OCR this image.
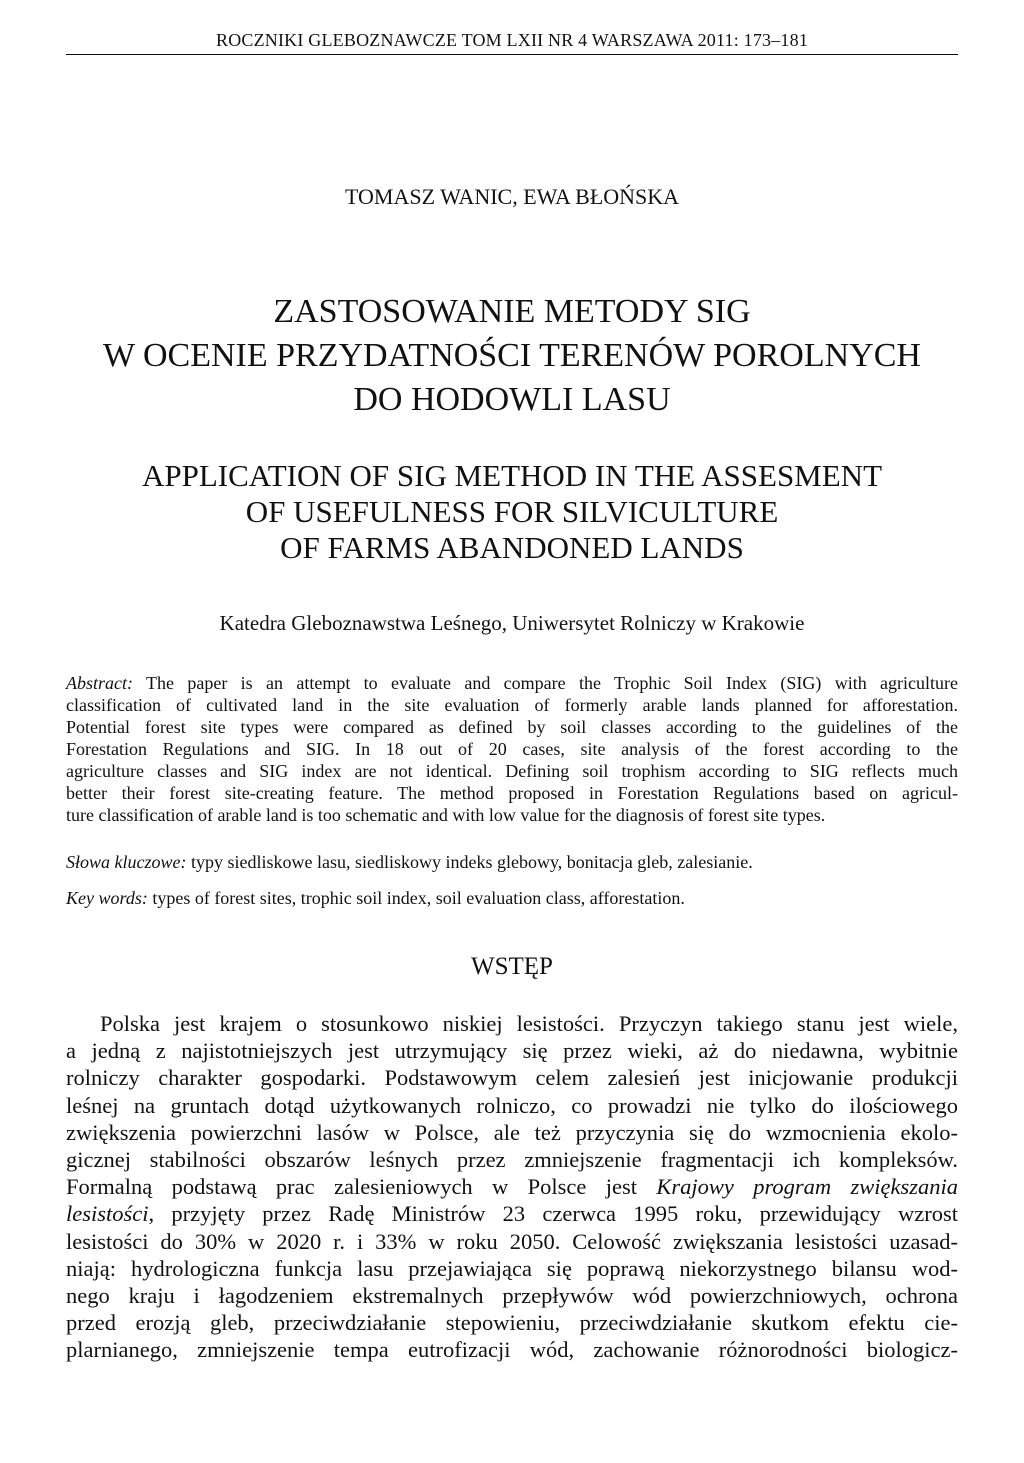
ROCZNIKI GLEBOZNAWCZE TOM LXII NR 4 WARSZAWA 2011: 173–181
TOMASZ WANIC, EWA BŁOŃSKA
ZASTOSOWANIE METODY SIG
W OCENIE PRZYDATNOŚCI TERENÓW POROLNYCH
DO HODOWLI LASU
APPLICATION OF SIG METHOD IN THE ASSESMENT
OF USEFULNESS FOR SILVICULTURE
OF FARMS ABANDONED LANDS
Katedra Gleboznawstwa Leśnego, Uniwersytet Rolniczy w Krakowie
Abstract: The paper is an attempt to evaluate and compare the Trophic Soil Index (SIG) with agriculture
classification of cultivated land in the site evaluation of formerly arable lands planned for afforestation.
Potential forest site types were compared as defined by soil classes according to the guidelines of the
Forestation Regulations and SIG. In 18 out of 20 cases, site analysis of the forest according to the
agriculture classes and SIG index are not identical. Defining soil trophism according to SIG reflects much
better their forest site-creating feature. The method proposed in Forestation Regulations based on agricul-
ture classification of arable land is too schematic and with low value for the diagnosis of forest site types.
Słowa kluczowe: typy siedliskowe lasu, siedliskowy indeks glebowy, bonitacja gleb, zalesianie.
Key words: types of forest sites, trophic soil index, soil evaluation class, afforestation.
WSTĘP
Polska jest krajem o stosunkowo niskiej lesistości. Przyczyn takiego stanu jest wiele,
a jedną z najistotniejszych jest utrzymujący się przez wieki, aż do niedawna, wybitnie
rolniczy charakter gospodarki. Podstawowym celem zalesień jest inicjowanie produkcji
leśnej na gruntach dotąd użytkowanych rolniczo, co prowadzi nie tylko do ilościowego
zwiększenia powierzchni lasów w Polsce, ale też przyczynia się do wzmocnienia ekolo-
gicznej stabilności obszarów leśnych przez zmniejszenie fragmentacji ich kompleksów.
Formalną podstawą prac zalesieniowych w Polsce jest Krajowy program zwiększania
lesistości, przyjęty przez Radę Ministrów 23 czerwca 1995 roku, przewidujący wzrost
lesistości do 30% w 2020 r. i 33% w roku 2050. Celowość zwiększania lesistości uzasad-
niają: hydrologiczna funkcja lasu przejawiająca się poprawą niekorzystnego bilansu wod-
nego kraju i łagodzeniem ekstremalnych przepływów wód powierzchniowych, ochrona
przed erozją gleb, przeciwdziałanie stepowieniu, przeciwdziałanie skutkom efektu cie-
plarnianego, zmniejszenie tempa eutrofizacji wód, zachowanie różnorodności biologicz-
